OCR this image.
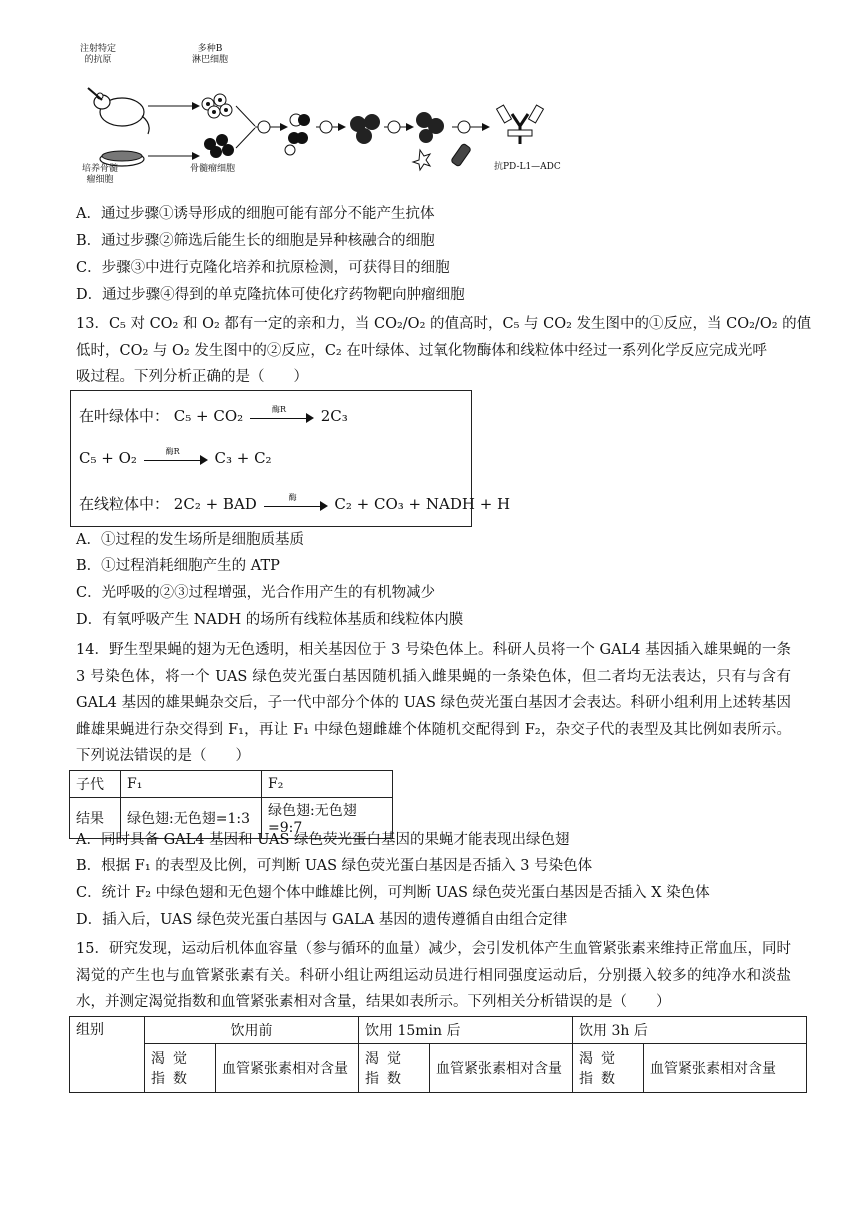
注射特定
的抗原
多种B
淋巴细胞
培养骨髓
瘤细胞
骨髓瘤细胞	抗PD-L1—ADC
A．通过步骤①诱导形成的细胞可能有部分不能产生抗体
B．通过步骤②筛选后能生长的细胞是异种核融合的细胞
C．步骤③中进行克隆化培养和抗原检测，可获得目的细胞
D．通过步骤④得到的单克隆抗体可使化疗药物靶向肿瘤细胞
13．C₅ 对 CO₂ 和 O₂ 都有一定的亲和力，当 CO₂/O₂ 的值高时，C₅ 与 CO₂ 发生图中的①反应，当 CO₂/O₂ 的值
低时，CO₂ 与 O₂ 发生图中的②反应，C₂ 在叶绿体、过氧化物酶体和线粒体中经过一系列化学反应完成光呼
吸过程。下列分析正确的是（　　）
在叶绿体中： C₅ + CO₂	酶R	2C₃
C₅ + O₂	酶R	C₃ + C₂
在线粒体中： 2C₂ + BAD	酶	C₂ + CO₃ + NADH + H
A．①过程的发生场所是细胞质基质
B．①过程消耗细胞产生的 ATP
C．光呼吸的②③过程增强，光合作用产生的有机物减少
D．有氧呼吸产生 NADH 的场所有线粒体基质和线粒体内膜
14．野生型果蝇的翅为无色透明，相关基因位于 3 号染色体上。科研人员将一个 GAL4 基因插入雄果蝇的一条 3 号染色体，将一个 UAS 绿色荧光蛋白基因随机插入雌果蝇的一条染色体，但二者均无法表达，只有与含有 GAL4 基因的雄果蝇杂交后，子一代中部分个体的 UAS 绿色荧光蛋白基因才会表达。科研小组利用上述转基因雌雄果蝇进行杂交得到 F₁，再让 F₁ 中绿色翅雌雄个体随机交配得到 F₂，杂交子代的表型及其比例如表所示。下列说法错误的是（　　）
子代	F₁	F₂
结果	绿色翅:无色翅=1:3	绿色翅:无色翅=9:7
A．同时具备 GAL4 基因和 UAS 绿色荧光蛋白基因的果蝇才能表现出绿色翅
B．根据 F₁ 的表型及比例，可判断 UAS 绿色荧光蛋白基因是否插入 3 号染色体
C．统计 F₂ 中绿色翅和无色翅个体中雌雄比例，可判断 UAS 绿色荧光蛋白基因是否插入 X 染色体
D．插入后，UAS 绿色荧光蛋白基因与 GALA 基因的遗传遵循自由组合定律
15．研究发现，运动后机体血容量（参与循环的血量）减少，会引发机体产生血管紧张素来维持正常血压，同时渴觉的产生也与血管紧张素有关。科研小组让两组运动员进行相同强度运动后，分别摄入较多的纯净水和淡盐水，并测定渴觉指数和血管紧张素相对含量，结果如表所示。下列相关分析错误的是（　　）
组别	饮用前		饮用 15min 后		饮用 3h 后	
	渴觉指数	血管紧张素相对含量	渴觉指数	血管紧张素相对含量	渴觉指数	血管紧张素相对含量
